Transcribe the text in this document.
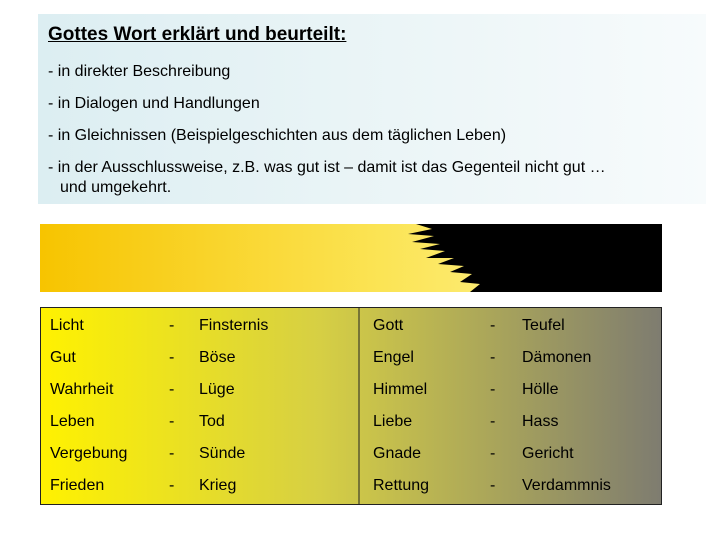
Gottes Wort erklärt und beurteilt:
- in direkter Beschreibung
- in Dialogen und Handlungen
- in Gleichnissen (Beispielgeschichten aus dem täglichen Leben)
- in der Ausschlussweise, z.B. was gut ist – damit ist das Gegenteil nicht gut …
und umgekehrt.
Licht	- Finsternis	Gott	- Teufel
Gut	- Böse	Engel	- Dämonen
Wahrheit	- Lüge	Himmel	- Hölle
Leben	- Tod	Liebe	- Hass
Vergebung	- Sünde	Gnade	- Gericht
Frieden	- Krieg	Rettung	- Verdammnis
